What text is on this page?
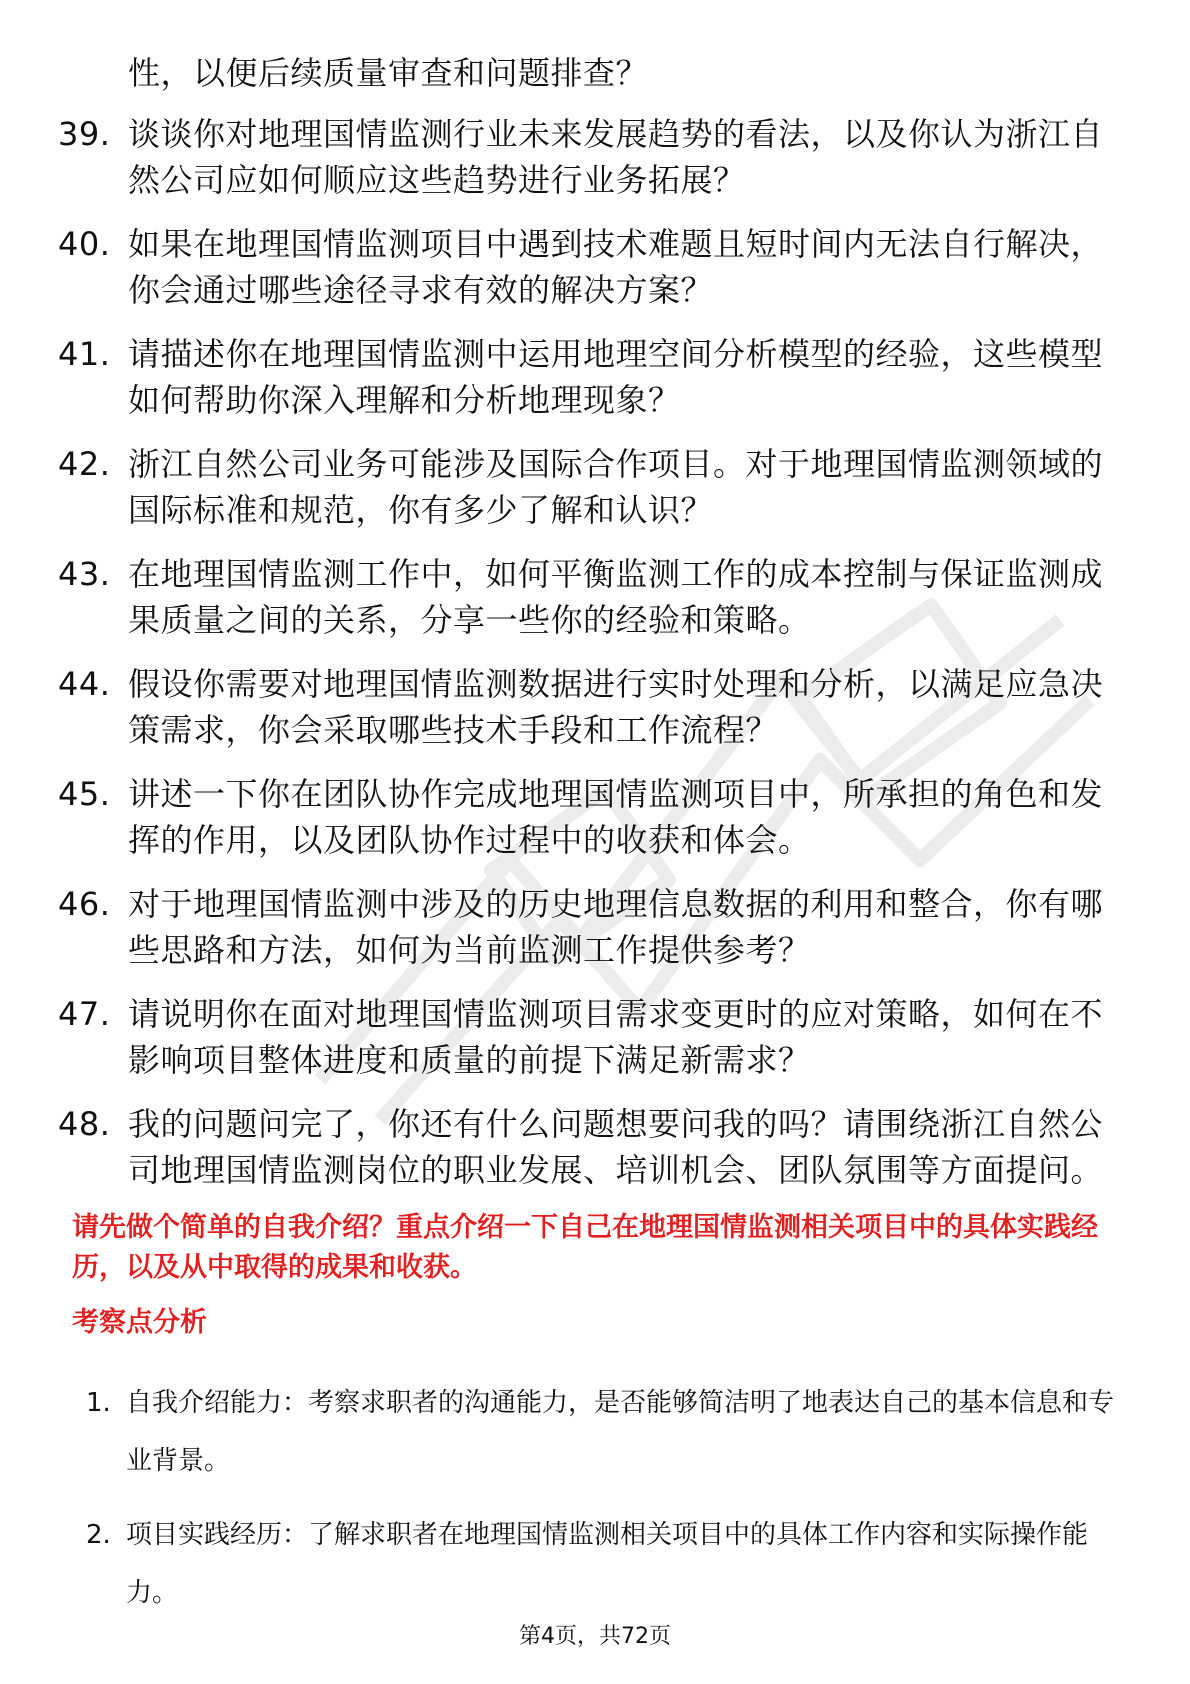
性，以便后续质量审查和问题排查？
39. 谈谈你对地理国情监测行业未来发展趋势的看法，以及你认为浙江自然公司应如何顺应这些趋势进行业务拓展？
40. 如果在地理国情监测项目中遇到技术难题且短时间内无法自行解决，你会通过哪些途径寻求有效的解决方案？
41. 请描述你在地理国情监测中运用地理空间分析模型的经验，这些模型如何帮助你深入理解和分析地理现象？
42. 浙江自然公司业务可能涉及国际合作项目。对于地理国情监测领域的国际标准和规范，你有多少了解和认识？
43. 在地理国情监测工作中，如何平衡监测工作的成本控制与保证监测成果质量之间的关系，分享一些你的经验和策略。
44. 假设你需要对地理国情监测数据进行实时处理和分析，以满足应急决策需求，你会采取哪些技术手段和工作流程？
45. 讲述一下你在团队协作完成地理国情监测项目中，所承担的角色和发挥的作用，以及团队协作过程中的收获和体会。
46. 对于地理国情监测中涉及的历史地理信息数据的利用和整合，你有哪些思路和方法，如何为当前监测工作提供参考？
47. 请说明你在面对地理国情监测项目需求变更时的应对策略，如何在不影响项目整体进度和质量的前提下满足新需求？
48. 我的问题问完了，你还有什么问题想要问我的吗？请围绕浙江自然公司地理国情监测岗位的职业发展、培训机会、团队氛围等方面提问。
请先做个简单的自我介绍？重点介绍一下自己在地理国情监测相关项目中的具体实践经历，以及从中取得的成果和收获。
考察点分析
1. 自我介绍能力：考察求职者的沟通能力，是否能够简洁明了地表达自己的基本信息和专业背景。
2. 项目实践经历：了解求职者在地理国情监测相关项目中的具体工作内容和实际操作能力。
第4页，共72页
